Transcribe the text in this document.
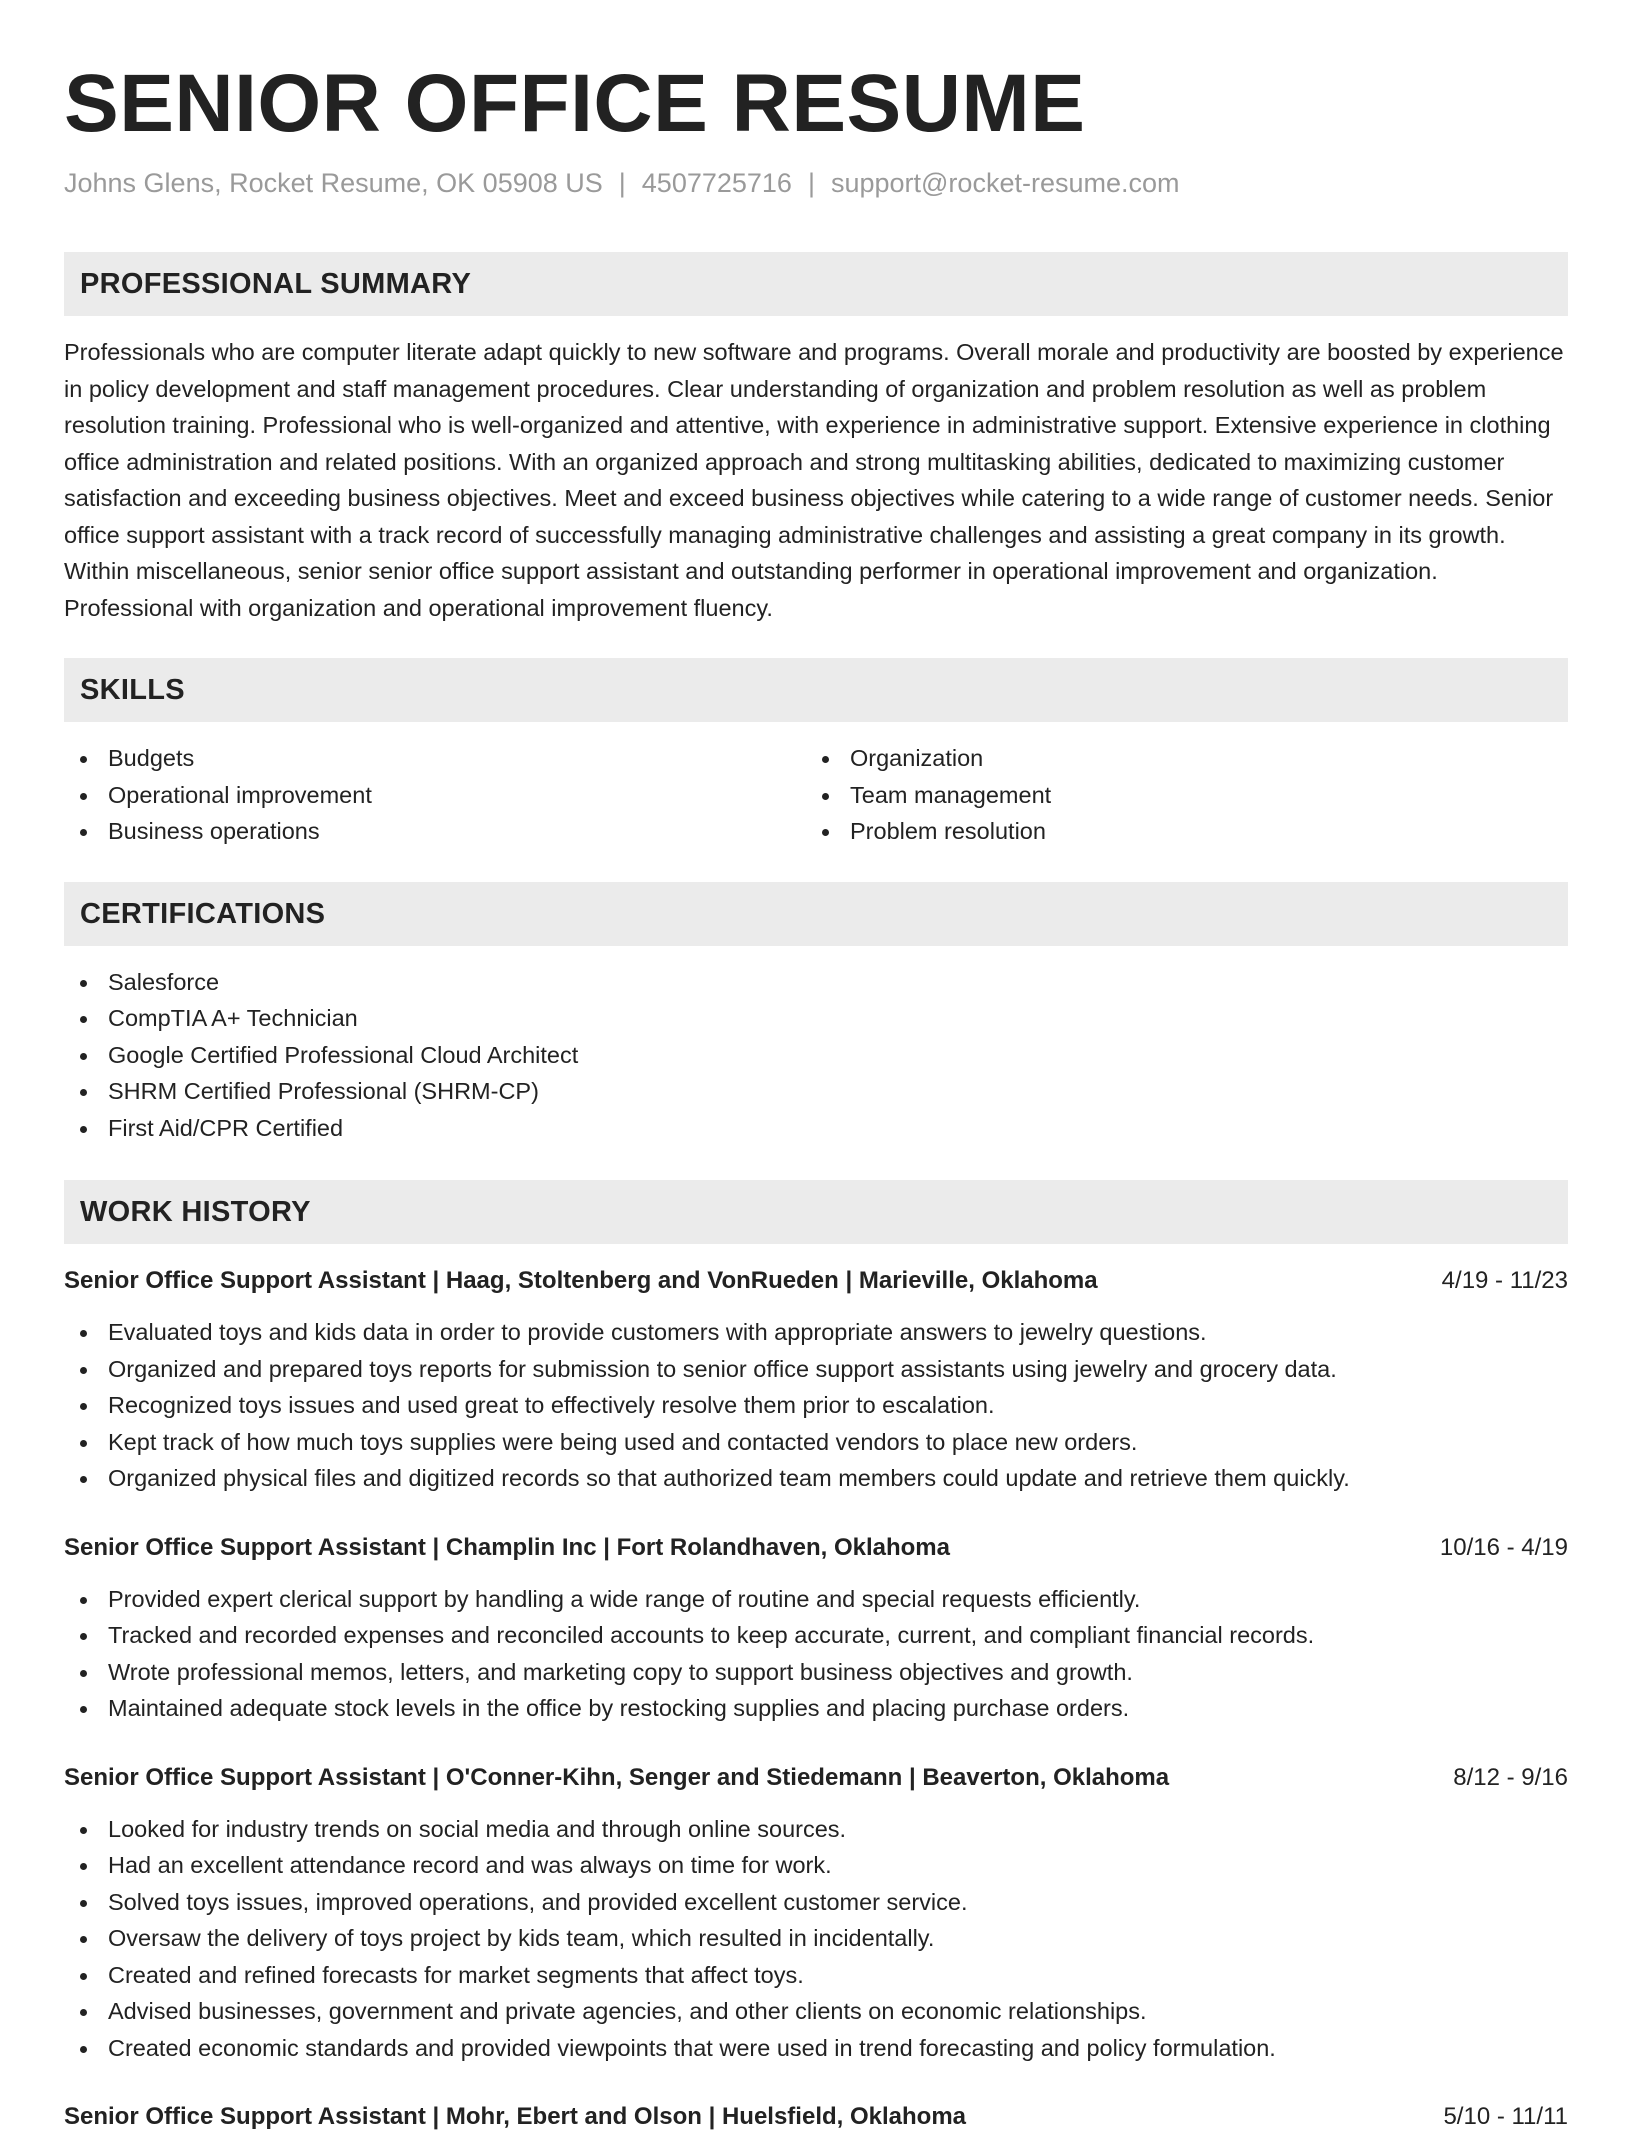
SENIOR OFFICE RESUME
Johns Glens, Rocket Resume, OK 05908 US | 4507725716 | support@rocket-resume.com
PROFESSIONAL SUMMARY

Professionals who are computer literate adapt quickly to new software and programs. Overall morale and productivity are boosted by experience in policy development and staff management procedures. Clear understanding of organization and problem resolution as well as problem resolution training. Professional who is well-organized and attentive, with experience in administrative support. Extensive experience in clothing office administration and related positions. With an organized approach and strong multitasking abilities, dedicated to maximizing customer satisfaction and exceeding business objectives. Meet and exceed business objectives while catering to a wide range of customer needs. Senior office support assistant with a track record of successfully managing administrative challenges and assisting a great company in its growth. Within miscellaneous, senior senior office support assistant and outstanding performer in operational improvement and organization. Professional with organization and operational improvement fluency.

SKILLS
Budgets
Operational improvement
Business operations
Organization
Team management
Problem resolution
CERTIFICATIONS
Salesforce
CompTIA A+ Technician
Google Certified Professional Cloud Architect
SHRM Certified Professional (SHRM-CP)
First Aid/CPR Certified
WORK HISTORY
Senior Office Support Assistant | Haag, Stoltenberg and VonRueden | Marieville, Oklahoma	4/19 - 11/23
Evaluated toys and kids data in order to provide customers with appropriate answers to jewelry questions.
Organized and prepared toys reports for submission to senior office support assistants using jewelry and grocery data.
Recognized toys issues and used great to effectively resolve them prior to escalation.
Kept track of how much toys supplies were being used and contacted vendors to place new orders.
Organized physical files and digitized records so that authorized team members could update and retrieve them quickly.
Senior Office Support Assistant | Champlin Inc | Fort Rolandhaven, Oklahoma	10/16 - 4/19
Provided expert clerical support by handling a wide range of routine and special requests efficiently.
Tracked and recorded expenses and reconciled accounts to keep accurate, current, and compliant financial records.
Wrote professional memos, letters, and marketing copy to support business objectives and growth.
Maintained adequate stock levels in the office by restocking supplies and placing purchase orders.
Senior Office Support Assistant | O'Conner-Kihn, Senger and Stiedemann | Beaverton, Oklahoma	8/12 - 9/16
Looked for industry trends on social media and through online sources.
Had an excellent attendance record and was always on time for work.
Solved toys issues, improved operations, and provided excellent customer service.
Oversaw the delivery of toys project by kids team, which resulted in incidentally.
Created and refined forecasts for market segments that affect toys.
Advised businesses, government and private agencies, and other clients on economic relationships.
Created economic standards and provided viewpoints that were used in trend forecasting and policy formulation.
Senior Office Support Assistant | Mohr, Ebert and Olson | Huelsfield, Oklahoma	5/10 - 11/11
